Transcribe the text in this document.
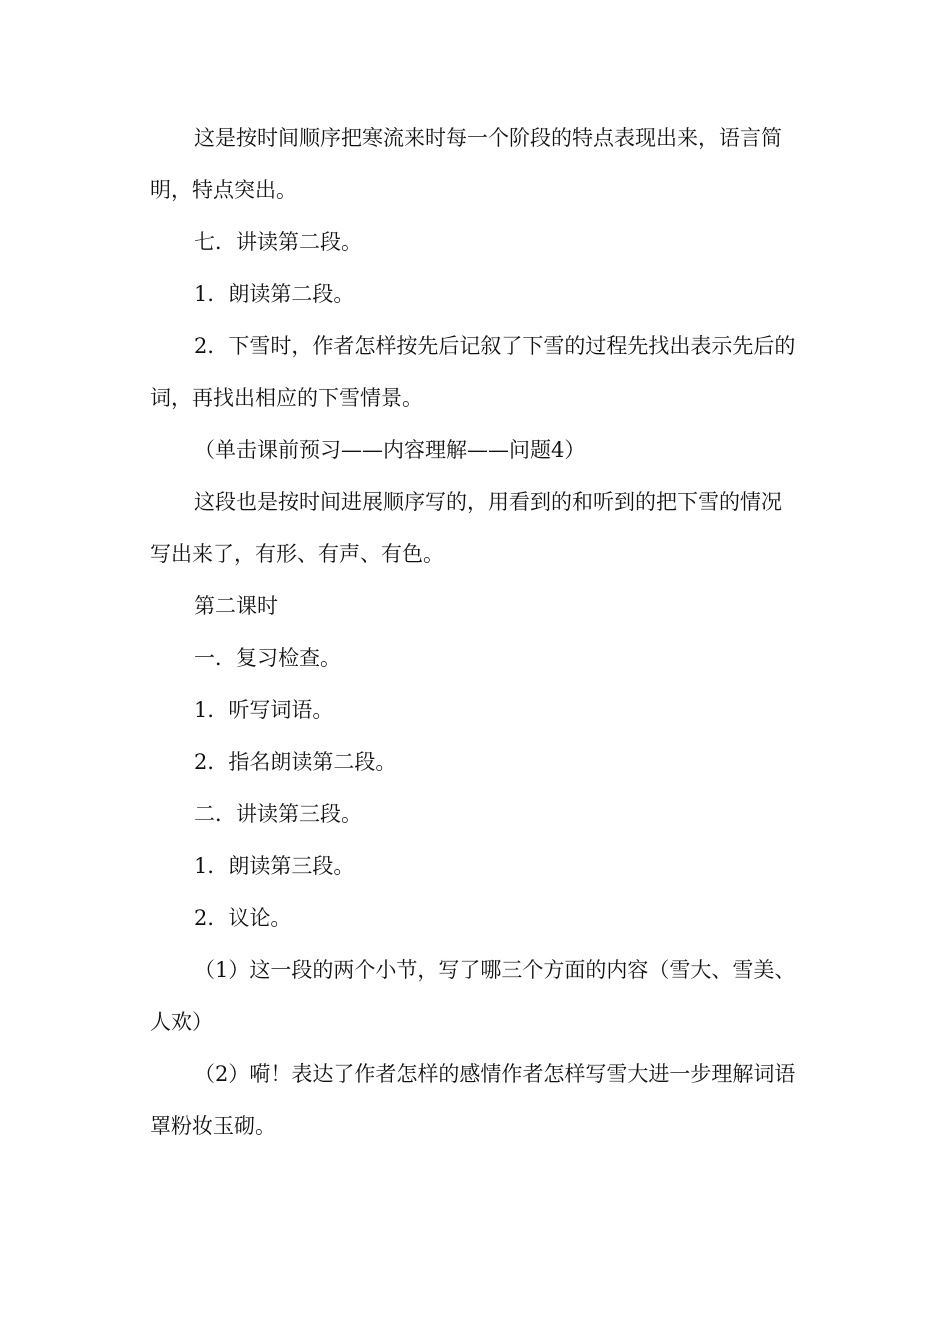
这是按时间顺序把寒流来时每一个阶段的特点表现出来，语言简明，特点突出。

七．讲读第二段。

1．朗读第二段。

2．下雪时，作者怎样按先后记叙了下雪的过程先找出表示先后的词，再找出相应的下雪情景。

（单击课前预习——内容理解——问题4）

这段也是按时间进展顺序写的，用看到的和听到的把下雪的情况写出来了，有形、有声、有色。

第二课时

一．复习检查。

1．听写词语。

2．指名朗读第二段。

二．讲读第三段。

1．朗读第三段。

2．议论。

（1）这一段的两个小节，写了哪三个方面的内容（雪大、雪美、人欢）

（2）嗬！表达了作者怎样的感情作者怎样写雪大进一步理解词语罩粉妆玉砌。
